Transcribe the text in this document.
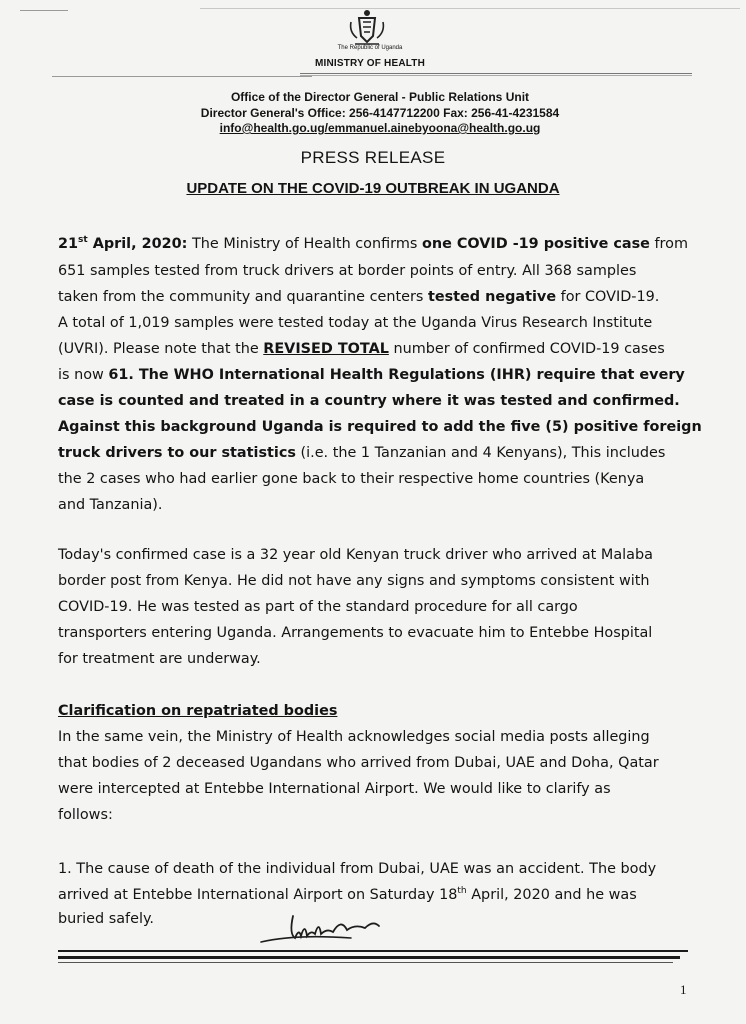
The Republic of Uganda
MINISTRY OF HEALTH
Office of the Director General - Public Relations Unit
Director General's Office: 256-4147712200 Fax: 256-41-4231584
info@health.go.ug/emmanuel.ainebyoona@health.go.ug
PRESS RELEASE
UPDATE ON THE COVID-19 OUTBREAK IN UGANDA
21st April, 2020: The Ministry of Health confirms one COVID -19 positive case from
651 samples tested from truck drivers at border points of entry. All 368 samples
taken from the community and quarantine centers tested negative for COVID-19.
A total of 1,019 samples were tested today at the Uganda Virus Research Institute
(UVRI). Please note that the REVISED TOTAL number of confirmed COVID-19 cases
is now 61. The WHO International Health Regulations (IHR) require that every
case is counted and treated in a country where it was tested and confirmed.
Against this background Uganda is required to add the five (5) positive foreign
truck drivers to our statistics (i.e. the 1 Tanzanian and 4 Kenyans), This includes
the 2 cases who had earlier gone back to their respective home countries (Kenya
and Tanzania).
Today's confirmed case is a 32 year old Kenyan truck driver who arrived at Malaba
border post from Kenya. He did not have any signs and symptoms consistent with
COVID-19. He was tested as part of the standard procedure for all cargo
transporters entering Uganda. Arrangements to evacuate him to Entebbe Hospital
for treatment are underway.
Clarification on repatriated bodies
In the same vein, the Ministry of Health acknowledges social media posts alleging
that bodies of 2 deceased Ugandans who arrived from Dubai, UAE and Doha, Qatar
were intercepted at Entebbe International Airport. We would like to clarify as
follows:
1. The cause of death of the individual from Dubai, UAE was an accident. The body
arrived at Entebbe International Airport on Saturday 18th April, 2020 and he was
buried safely.
1
